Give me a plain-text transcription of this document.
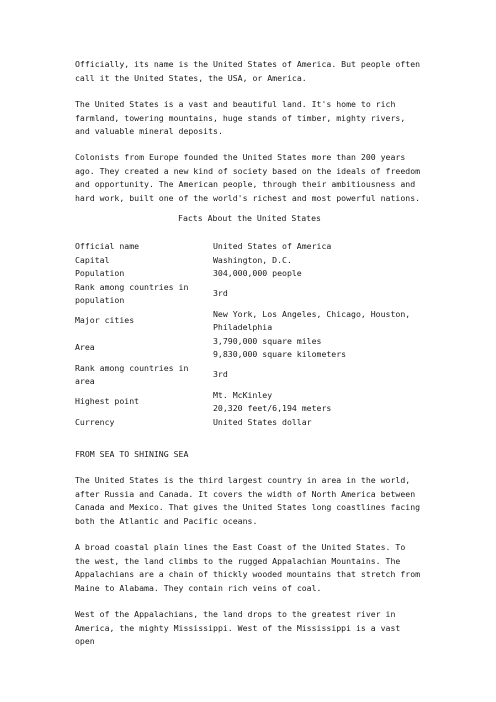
Officially, its name is the United States of America. But people often call it the United States, the USA, or America.

The United States is a vast and beautiful land. It's home to rich farmland, towering mountains, huge stands of timber, mighty rivers, and valuable mineral deposits.

Colonists from Europe founded the United States more than 200 years ago. They created a new kind of society based on the ideals of freedom and opportunity. The American people, through their ambitiousness and hard work, built one of the world's richest and most powerful nations.

Facts About the United States

Official name	United States of America

Capital	Washington, D.C.

Population	304,000,000 people

Rank among countries in population	3rd

Major cities	New York, Los Angeles, Chicago, Houston, Philadelphia

Area	3,790,000 square miles
9,830,000 square kilometers

Rank among countries in area	3rd

Highest point	Mt. McKinley
20,320 feet/6,194 meters

Currency	United States dollar

FROM SEA TO SHINING SEA

The United States is the third largest country in area in the world, after Russia and Canada. It covers the width of North America between Canada and Mexico. That gives the United States long coastlines facing both the Atlantic and Pacific oceans.

A broad coastal plain lines the East Coast of the United States. To the west, the land climbs to the rugged Appalachian Mountains. The Appalachians are a chain of thickly wooded mountains that stretch from Maine to Alabama. They contain rich veins of coal.

West of the Appalachians, the land drops to the greatest river in America, the mighty Mississippi. West of the Mississippi is a vast open
